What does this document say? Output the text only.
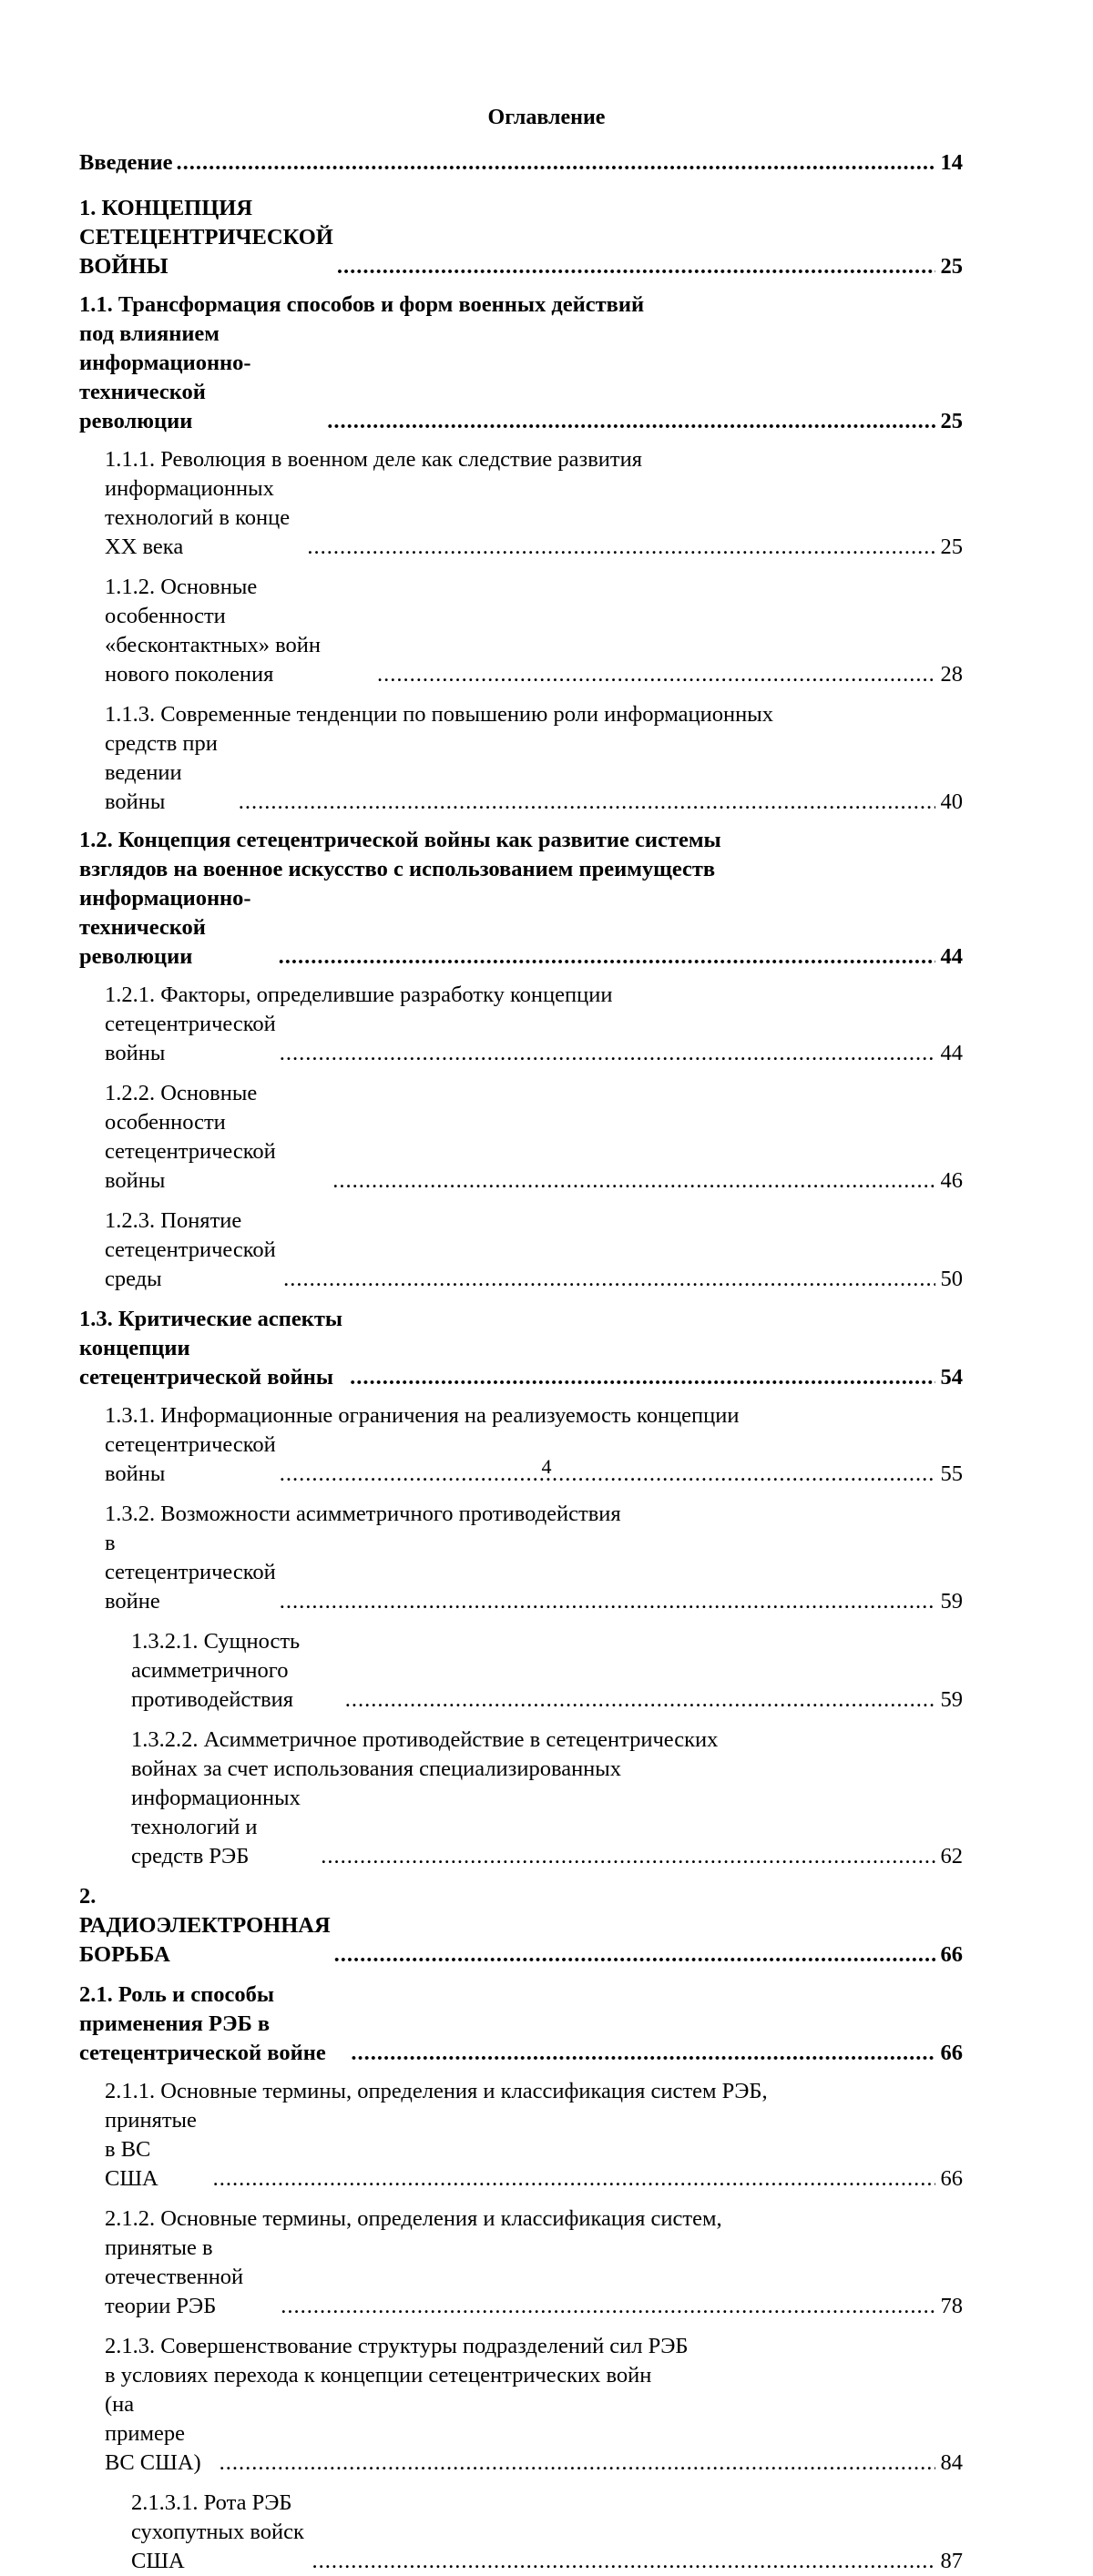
Оглавление
Введение
.....	14
1. КОНЦЕПЦИЯ СЕТЕЦЕНТРИЧЕСКОЙ ВОЙНЫ
.....	25
1.1. Трансформация способов и форм военных действий
под влиянием информационно-технической революции
.....	25
1.1.1. Революция в военном деле как следствие развития
информационных технологий в конце XX века
.....	25
1.1.2. Основные особенности «бесконтактных» войн нового поколения
.....	28
1.1.3. Современные тенденции по повышению роли информационных
средств при ведении войны
.....	40
1.2. Концепция сетецентрической войны как развитие системы
взглядов на военное искусство с использованием преимуществ
информационно-технической революции
.....	44
1.2.1. Факторы, определившие разработку концепции
сетецентрической войны
.....	44
1.2.2. Основные особенности сетецентрической войны
.....	46
1.2.3. Понятие сетецентрической среды
.....	50
1.3. Критические аспекты концепции сетецентрической войны
.....	54
1.3.1. Информационные ограничения на реализуемость концепции
сетецентрической войны
.....	55
1.3.2. Возможности асимметричного противодействия
в сетецентрической войне
.....	59
1.3.2.1. Сущность асимметричного противодействия
.....	59
1.3.2.2. Асимметричное противодействие в сетецентрических
войнах за счет использования специализированных
информационных технологий и средств РЭБ
.....	62
2. РАДИОЭЛЕКТРОННАЯ БОРЬБА
.....	66
2.1. Роль и способы применения РЭБ в сетецентрической войне
.....	66
2.1.1. Основные термины, определения и классификация систем РЭБ,
принятые в ВС США
.....	66
2.1.2. Основные термины, определения и классификация систем,
принятые в отечественной теории РЭБ
.....	78
2.1.3. Совершенствование структуры подразделений сил РЭБ
в условиях перехода к концепции сетецентрических войн
(на примере ВС США)
.....	84
2.1.3.1. Рота РЭБ сухопутных войск США
.....	87
4
